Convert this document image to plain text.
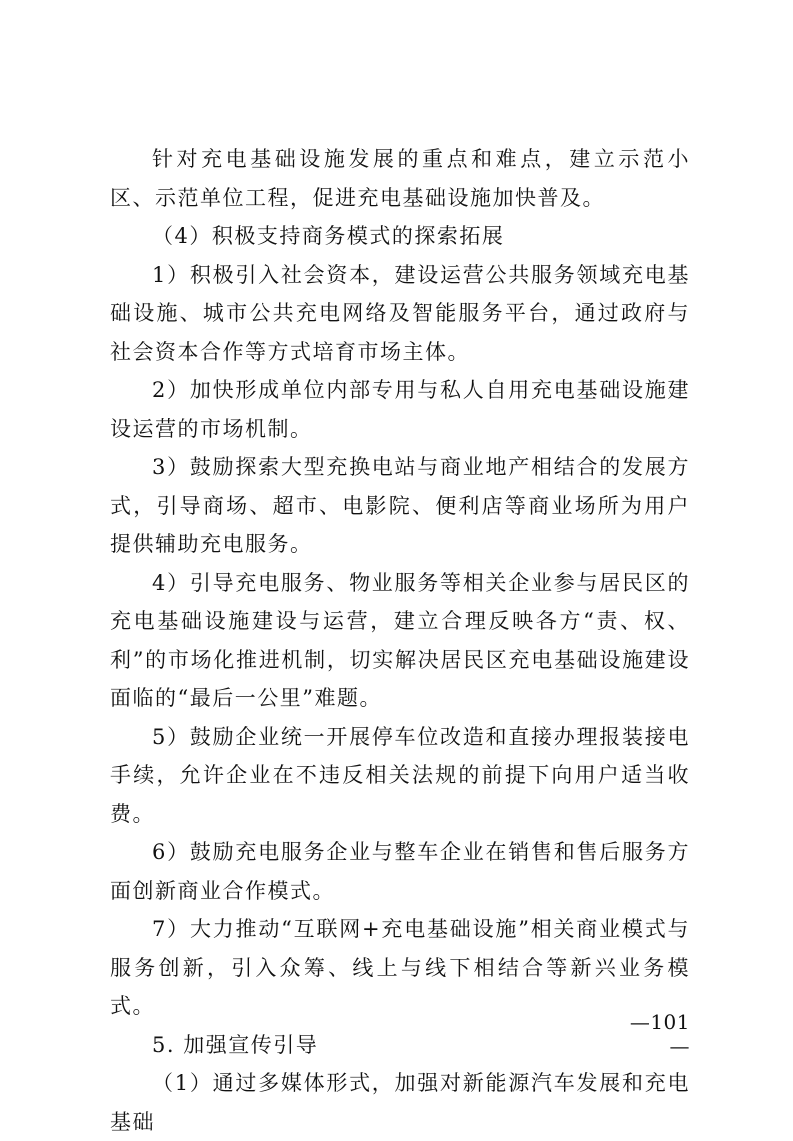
针对充电基础设施发展的重点和难点，建立示范小区、示范单位工程，促进充电基础设施加快普及。

（4）积极支持商务模式的探索拓展

1）积极引入社会资本，建设运营公共服务领域充电基础设施、城市公共充电网络及智能服务平台，通过政府与社会资本合作等方式培育市场主体。

2）加快形成单位内部专用与私人自用充电基础设施建设运营的市场机制。

3）鼓励探索大型充换电站与商业地产相结合的发展方式，引导商场、超市、电影院、便利店等商业场所为用户提供辅助充电服务。

4）引导充电服务、物业服务等相关企业参与居民区的充电基础设施建设与运营，建立合理反映各方“责、权、利”的市场化推进机制，切实解决居民区充电基础设施建设面临的“最后一公里”难题。

5）鼓励企业统一开展停车位改造和直接办理报装接电手续，允许企业在不违反相关法规的前提下向用户适当收费。

6）鼓励充电服务企业与整车企业在销售和售后服务方面创新商业合作模式。

7）大力推动“互联网+充电基础设施”相关商业模式与服务创新，引入众筹、线上与线下相结合等新兴业务模式。

5. 加强宣传引导

（1）通过多媒体形式，加强对新能源汽车发展和充电基础

—101—
